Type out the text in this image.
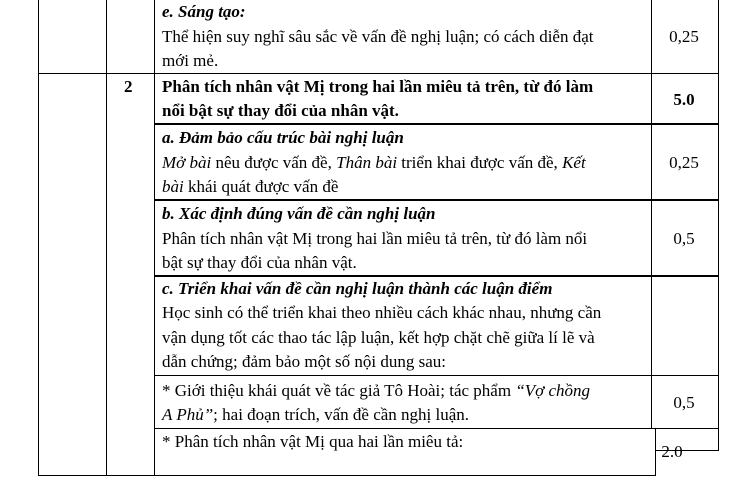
e. Sáng tạo:
Thể hiện suy nghĩ sâu sắc về vấn đề nghị luận; có cách diễn đạt
mới mẻ.
0,25
2 Phân tích nhân vật Mị trong hai lần miêu tả trên, từ đó làm
nổi bật sự thay đổi của nhân vật.
5.0
a. Đảm bảo cấu trúc bài nghị luận
Mở bài nêu được vấn đề, Thân bài triển khai được vấn đề, Kết
bài khái quát được vấn đề
0,25
b. Xác định đúng vấn đề cần nghị luận
Phân tích nhân vật Mị trong hai lần miêu tả trên, từ đó làm nổi
bật sự thay đổi của nhân vật.
0,5
c. Triển khai vấn đề cần nghị luận thành các luận điểm
Học sinh có thể triển khai theo nhiều cách khác nhau, nhưng cần
vận dụng tốt các thao tác lập luận, kết hợp chặt chẽ giữa lí lẽ và
dẫn chứng; đảm bảo một số nội dung sau:
* Giới thiệu khái quát về tác giả Tô Hoài; tác phẩm “Vợ chồng
A Phủ”; hai đoạn trích, vấn đề cần nghị luận.
0,5
* Phân tích nhân vật Mị qua hai lần miêu tả:
2.0
